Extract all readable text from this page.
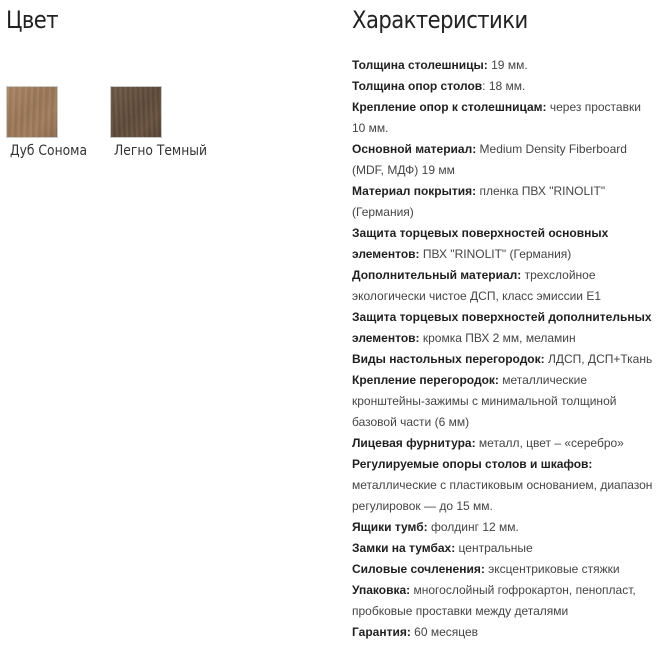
Цвет
Дуб Сонома	Легно Темный
Характеристики
Толщина столешницы: 19 мм.
Толщина опор столов: 18 мм.
Крепление опор к столешницам: через проставки 10 мм.
Основной материал: Medium Density Fiberboard (MDF, МДФ) 19 мм
Материал покрытия: пленка ПВХ "RINOLIT" (Германия)
Защита торцевых поверхностей основных элементов: ПВХ "RINOLIT" (Германия)
Дополнительный материал: трехслойное экологически чистое ДСП, класс эмиссии Е1
Защита торцевых поверхностей дополнительных элементов: кромка ПВХ 2 мм, меламин
Виды настольных перегородок: ЛДСП, ДСП+Ткань
Крепление перегородок: металлические кронштейны-зажимы с минимальной толщиной базовой части (6 мм)
Лицевая фурнитура: металл, цвет – «серебро»
Регулируемые опоры столов и шкафов: металлические с пластиковым основанием, диапазон регулировок — до 15 мм.
Ящики тумб: фолдинг 12 мм.
Замки на тумбах: центральные
Силовые сочленения: эксцентриковые стяжки
Упаковка: многослойный гофрокартон, пенопласт, пробковые проставки между деталями
Гарантия: 60 месяцев
